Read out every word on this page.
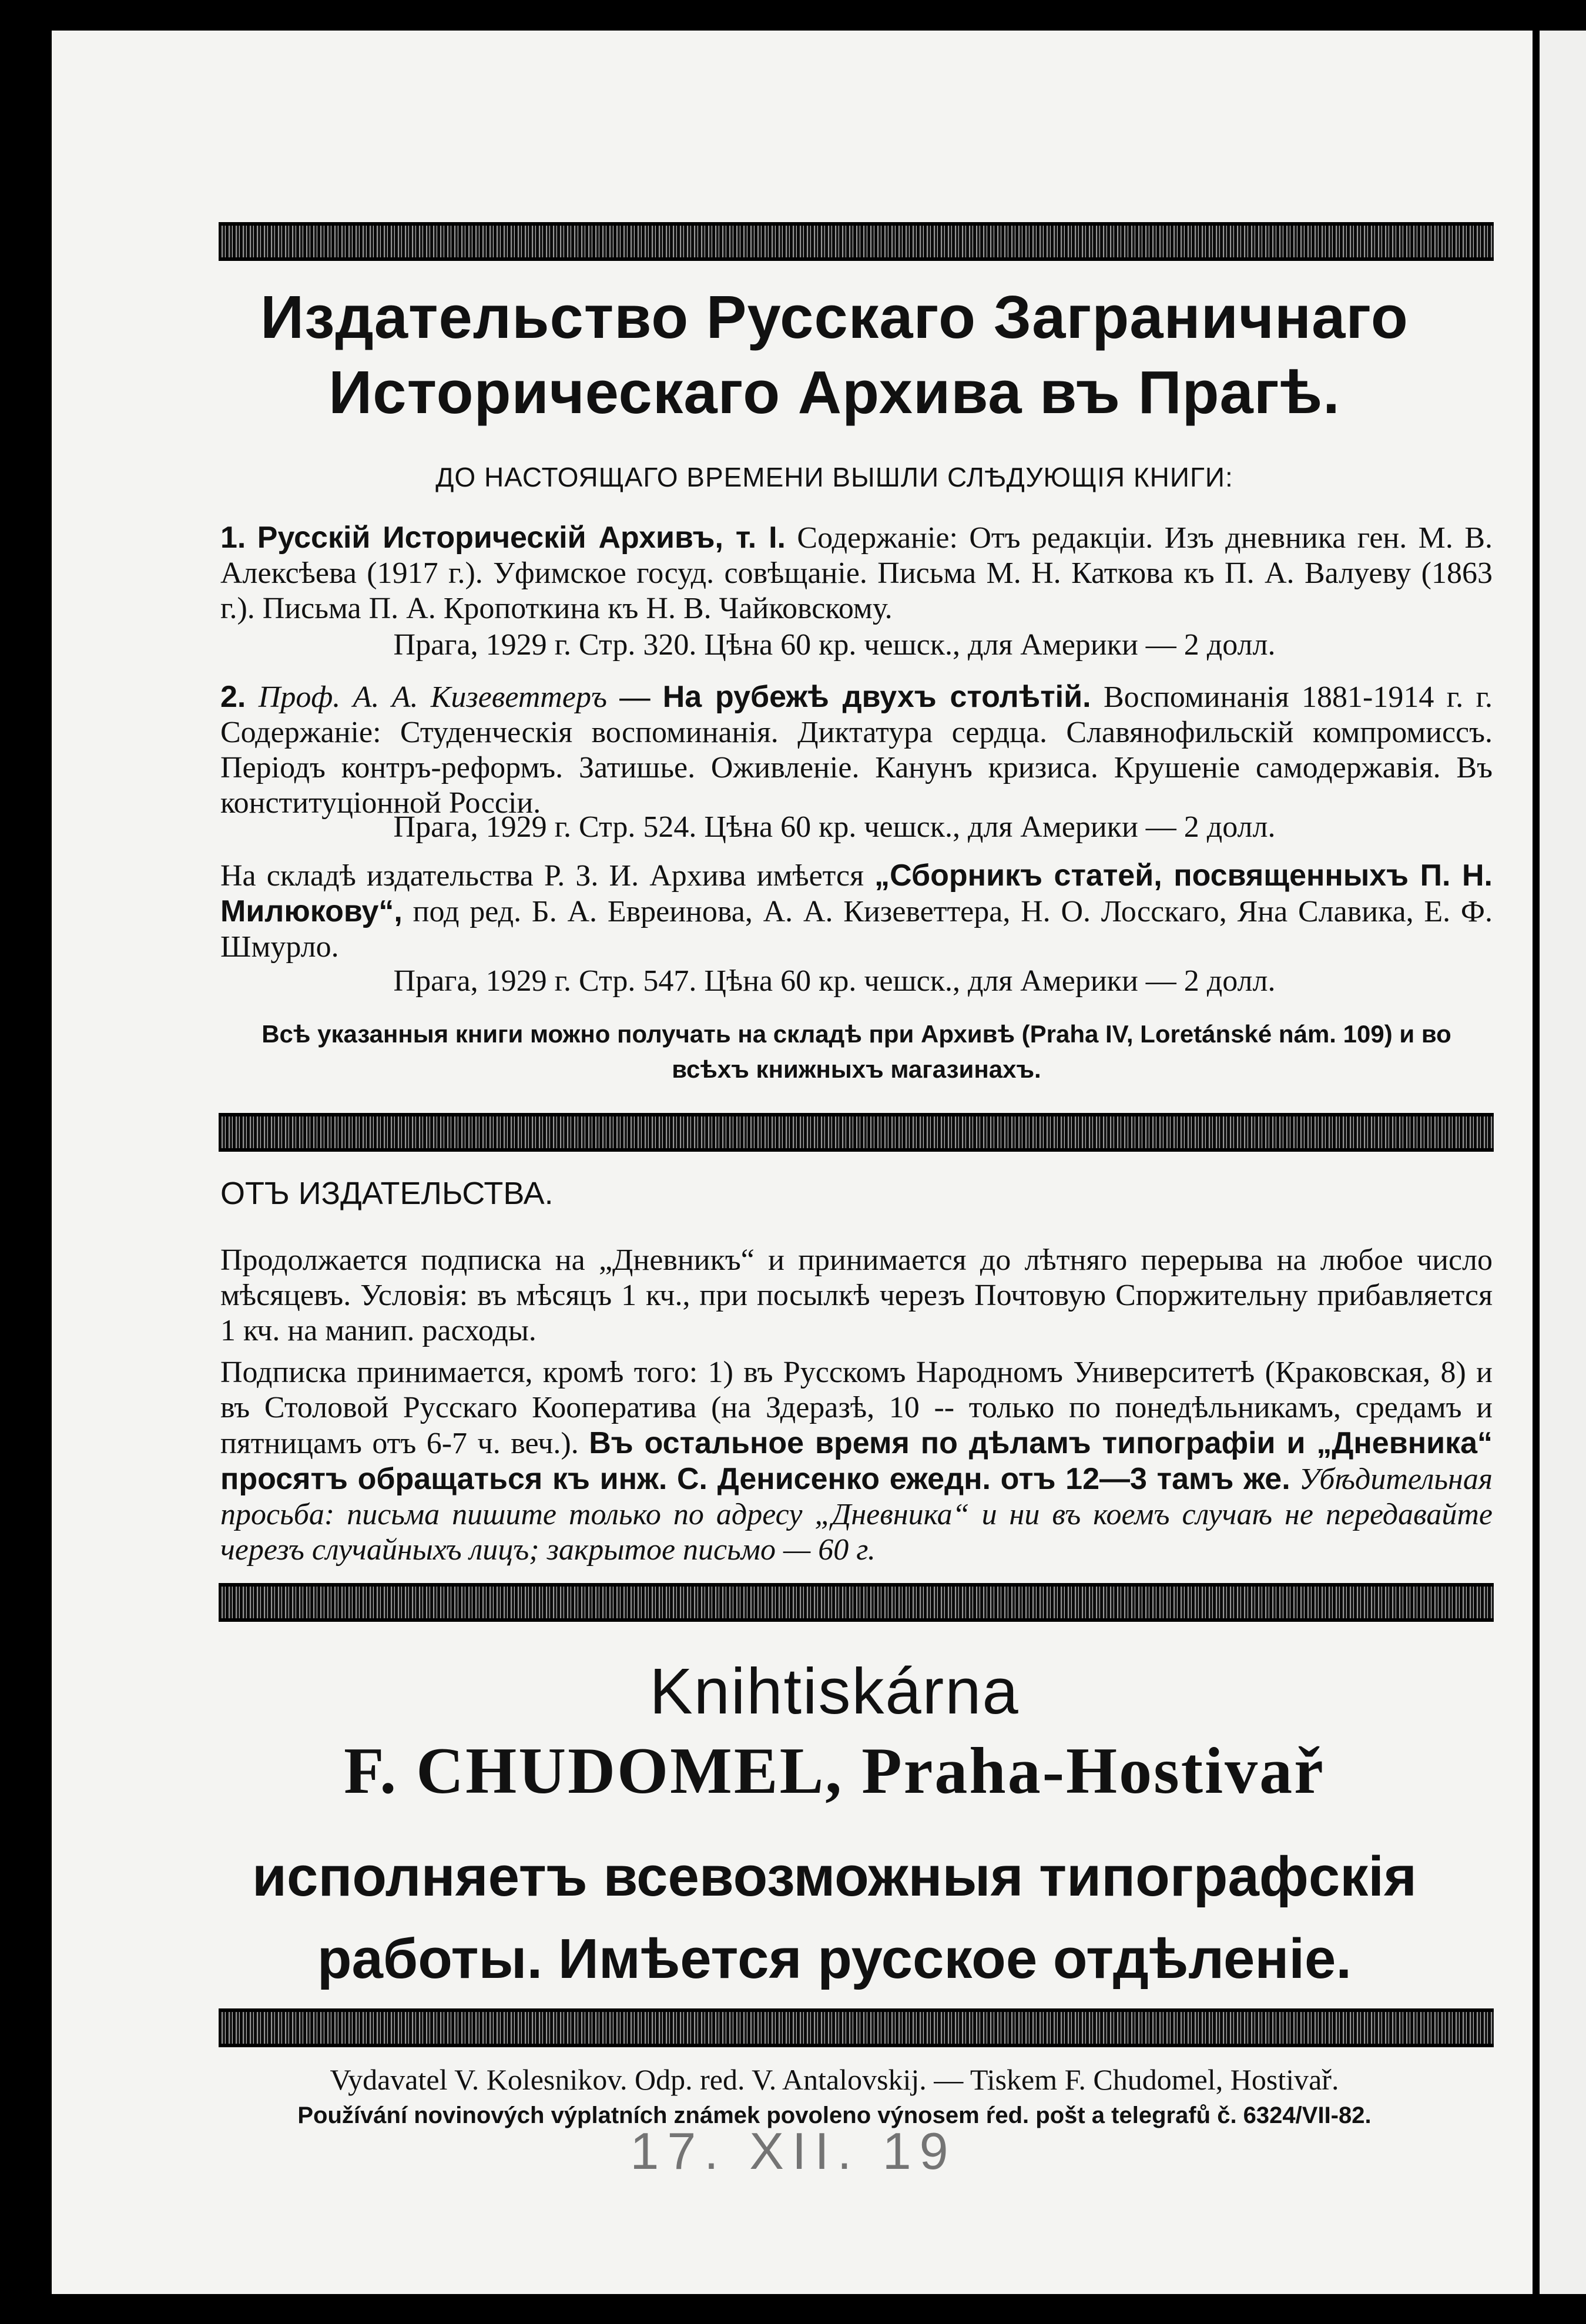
Издательство Русскаго Заграничнаго
Историческаго Архива въ Прагѣ.
ДО НАСТОЯЩАГО ВРЕМЕНИ ВЫШЛИ СЛѢДУЮЩІЯ КНИГИ:
1. Русскій Историческій Архивъ, т. I. Содержаніе: Отъ редакціи. Изъ дневника ген. М. В. Алексѣева (1917 г.). Уфимское госуд. совѣщаніе. Письма М. Н. Каткова къ П. А. Валуеву (1863 г.). Письма П. А. Кропоткина къ Н. В. Чайковскому.
Прага, 1929 г. Стр. 320. Цѣна 60 кр. чешск., для Америки — 2 долл.
2. Проф. А. А. Кизеветтеръ — На рубежѣ двухъ столѣтій. Воспоминанія 1881-1914 г. г. Содержаніе: Студенческія воспоминанія. Диктатура сердца. Славянофильскій компромиссъ. Періодъ контръ-реформъ. Затишье. Оживленіе. Канунъ кризиса. Крушеніе самодержавія. Въ конституціонной Россіи.
Прага, 1929 г. Стр. 524. Цѣна 60 кр. чешск., для Америки — 2 долл.
На складѣ издательства Р. З. И. Архива имѣется „Сборникъ статей, посвященныхъ П. Н. Милюкову“, под ред. Б. А. Евреинова, А. А. Кизеветтера, Н. О. Лосскаго, Яна Славика, Е. Ф. Шмурло.
Прага, 1929 г. Стр. 547. Цѣна 60 кр. чешск., для Америки — 2 долл.
Всѣ указанныя книги можно получать на складѣ при Архивѣ (Praha IV, Loretánské nám. 109) и во всѣхъ книжныхъ магазинахъ.
ОТЪ ИЗДАТЕЛЬСТВА.
Продолжается подписка на „Дневникъ“ и принимается до лѣтняго перерыва на любое число мѣсяцевъ. Условія: въ мѣсяцъ 1 кч., при посылкѣ черезъ Почтовую Споржитeльну прибавляется 1 кч. на манип. расходы.
Подписка принимается, кромѣ того: 1) въ Русскомъ Народномъ Университетѣ (Краковская, 8) и въ Столовой Русскаго Кооператива (на Здеразѣ, 10 -- только по понедѣльникамъ, средамъ и пятницамъ отъ 6-7 ч. веч.). Въ остальное время по дѣламъ типографіи и „Дневника“ просятъ обращаться къ инж. С. Денисенко ежедн. отъ 12—3 тамъ же. Убѣдительная просьба: письма пишите только по адресу „Дневника“ и ни въ коемъ случаѣ не передавайте черезъ случайныхъ лицъ; закрытое письмо — 60 г.
Knihtiskárna
F. CHUDOMEL, Praha-Hostivař
исполняетъ всевозможныя типографскія
работы. Имѣется русское отдѣленіе.
Vydavatel V. Kolesnikov. Odp. red. V. Antalovskij. — Tiskem F. Chudomel, Hostivař.
Používání novinových výplatních známek povoleno výnosem ŕed. pošt a telegrafů č. 6324/VII-82.
17. XII. 19
